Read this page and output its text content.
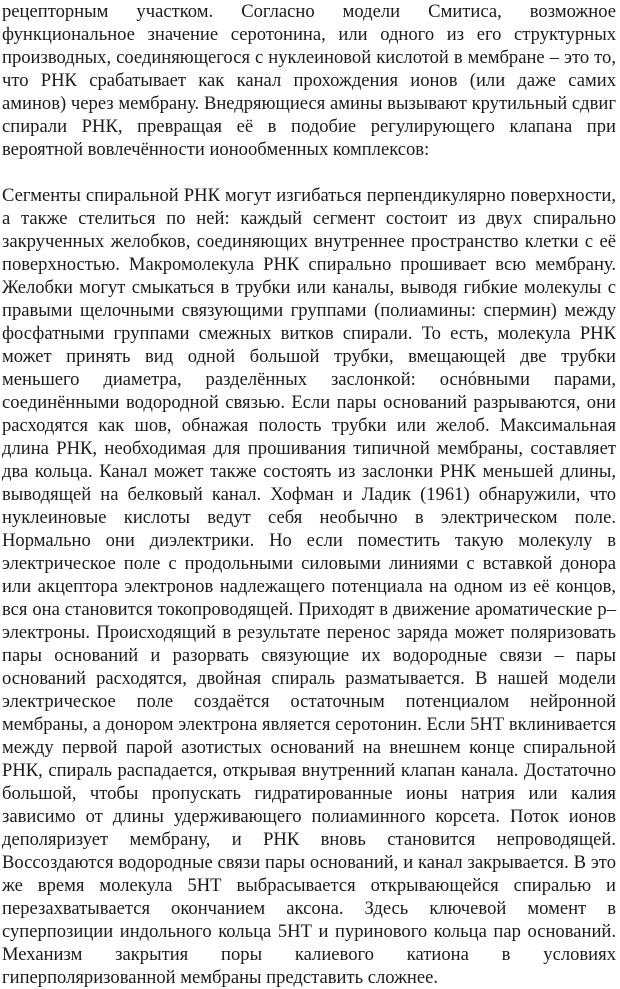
рецепторным участком. Согласно модели Смитиса, возможное функциональное значение серотонина, или одного из его структурных производных, соединяющегося с нуклеиновой кислотой в мембране – это то, что РНК срабатывает как канал прохождения ионов (или даже самих аминов) через мембрану. Внедряющиеся амины вызывают крутильный сдвиг спирали РНК, превращая её в подобие регулирующего клапана при вероятной вовлечённости ионообменных комплексов:

Сегменты спиральной РНК могут изгибаться перпендикулярно поверхности, а также стелиться по ней: каждый сегмент состоит из двух спирально закрученных желобков, соединяющих внутреннее пространство клетки с её поверхностью. Макромолекула РНК спирально прошивает всю мембрану. Желобки могут смыкаться в трубки или каналы, выводя гибкие молекулы с правыми щелочными связующими группами (полиамины: спермин) между фосфатными группами смежных витков спирали. То есть, молекула РНК может принять вид одной большой трубки, вмещающей две трубки меньшего диаметра, разделённых заслонкой: оснóвными парами, соединёнными водородной связью. Если пары оснований разрываются, они расходятся как шов, обнажая полость трубки или желоб. Максимальная длина РНК, необходимая для прошивания типичной мембраны, составляет два кольца. Канал может также состоять из заслонки РНК меньшей длины, выводящей на белковый канал. Хофман и Ладик (1961) обнаружили, что нуклеиновые кислоты ведут себя необычно в электрическом поле. Нормально они диэлектрики. Но если поместить такую молекулу в электрическое поле с продольными силовыми линиями с вставкой донора или акцептора электронов надлежащего потенциала на одном из её концов, вся она становится токопроводящей. Приходят в движение ароматические p–электроны. Происходящий в результате перенос заряда может поляризовать пары оснований и разорвать связующие их водородные связи – пары оснований расходятся, двойная спираль разматывается. В нашей модели электрическое поле создаётся остаточным потенциалом нейронной мембраны, а донором электрона является серотонин. Если 5НТ вклинивается между первой парой азотистых оснований на внешнем конце спиральной РНК, спираль распадается, открывая внутренний клапан канала. Достаточно большой, чтобы пропускать гидратированные ионы натрия или калия зависимо от длины удерживающего полиаминного корсета. Поток ионов деполяризует мембрану, и РНК вновь становится непроводящей. Воссоздаются водородные связи пары оснований, и канал закрывается. В это же время молекула 5НТ выбрасывается открывающейся спиралью и перезахватывается окончанием аксона. Здесь ключевой момент в суперпозиции индольного кольца 5НТ и пуринового кольца пар оснований. Механизм закрытия поры калиевого катиона в условиях гиперполяризованной мембраны представить сложнее.
